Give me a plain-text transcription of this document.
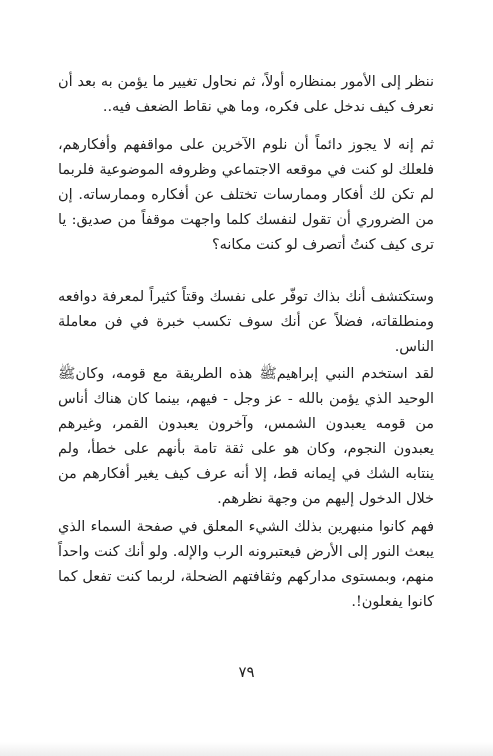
ننظر إلى الأمور بمنظاره أولاً، ثم نحاول تغيير ما يؤمن به بعد أن نعرف كيف ندخل على فكره، وما هي نقاط الضعف فيه..

ثم إنه لا يجوز دائماً أن نلوم الآخرين على مواقفهم وأفكارهم، فلعلك لو كنت في موقعه الاجتماعي وظروفه الموضوعية فلربما لم تكن لك أفكار وممارسات تختلف عن أفكاره وممارساته. إن من الضروري أن تقول لنفسك كلما واجهت موقفاً من صديق: يا ترى كيف كنتُ أتصرف لو كنت مكانه؟

وستكتشف أنك بذاك توفّر على نفسك وقتاً كثيراً لمعرفة دوافعه ومنطلقاته، فضلاً عن أنك سوف تكسب خبرة في فن معاملة الناس.

لقد استخدم النبي إبراهيمﷺ هذه الطريقة مع قومه، وكانﷺ الوحيد الذي يؤمن بالله - عز وجل - فيهم، بينما كان هناك أناس من قومه يعبدون الشمس، وآخرون يعبدون القمر، وغيرهم يعبدون النجوم، وكان هو على ثقة تامة بأنهم على خطأ، ولم ينتابه الشك في إيمانه قط، إلا أنه عرف كيف يغير أفكارهم من خلال الدخول إليهم من وجهة نظرهم.

فهم كانوا منبهرين بذلك الشيء المعلق في صفحة السماء الذي يبعث النور إلى الأرض فيعتبرونه الرب والإله. ولو أنك كنت واحداً منهم، وبمستوى مداركهم وثقافتهم الضحلة، لربما كنت تفعل كما كانوا يفعلون!.

٧٩
